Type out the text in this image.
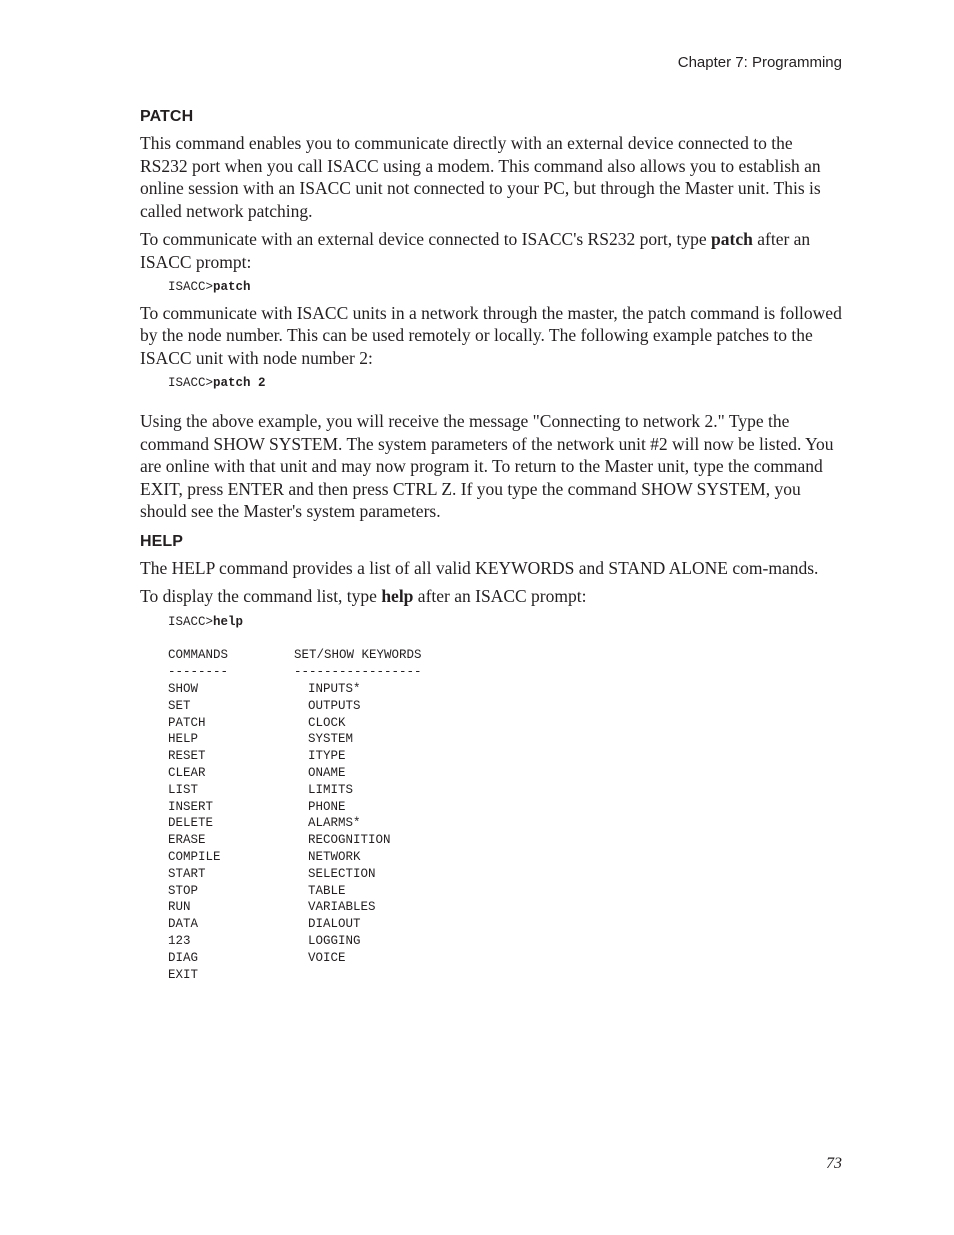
Chapter 7: Programming
PATCH

This command enables you to communicate directly with an external device connected to the RS232 port when you call ISACC using a modem. This command also allows you to establish an online session with an ISACC unit not connected to your PC, but through the Master unit. This is called network patching.

To communicate with an external device connected to ISACC's RS232 port, type patch after an ISACC prompt:

ISACC>patch

To communicate with ISACC units in a network through the master, the patch command is followed by the node number. This can be used remotely or locally. The following example patches to the ISACC unit with node number 2:

ISACC>patch 2

Using the above example, you will receive the message "Connecting to network 2." Type the command SHOW SYSTEM. The system parameters of the network unit #2 will now be listed. You are online with that unit and may now program it. To return to the Master unit, type the command EXIT, press ENTER and then press CTRL Z. If you type the command SHOW SYSTEM, you should see the Master's system parameters.

HELP

The HELP command provides a list of all valid KEYWORDS and STAND ALONE com-mands.

To display the command list, type help after an ISACC prompt:

ISACC>help
COMMANDS	SET/SHOW KEYWORDS
--------	-----------------
SHOW	INPUTS*
SET	OUTPUTS
PATCH	CLOCK
HELP	SYSTEM
RESET	ITYPE
CLEAR	ONAME
LIST	LIMITS
INSERT	PHONE
DELETE	ALARMS*
ERASE	RECOGNITION
COMPILE	NETWORK
START	SELECTION
STOP	TABLE
RUN	VARIABLES
DATA	DIALOUT
123	LOGGING
DIAG	VOICE
EXIT	
73
